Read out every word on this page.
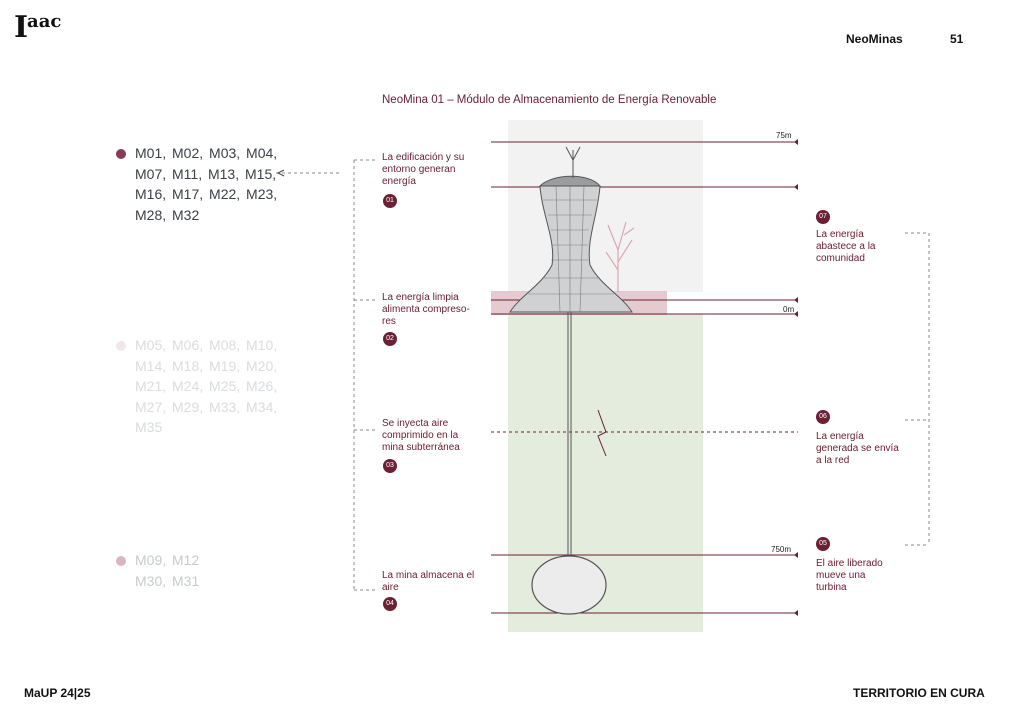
$I^{aac}$
NeoMinas	51
NeoMina 01 – Módulo de Almacenamiento de Energía Renovable
75m
0m
750m
M01, M02, M03, M04, M07, M11, M13, M15, M16, M17, M22, M23, M28, M32
M05, M06, M08, M10, M14, M18, M19, M20, M21, M24, M25, M26, M27, M29, M33, M34, M35
M09, M12 M30, M31
La edificación y su entorno generan energía
01
La energía limpia alimenta compreso-res
02
Se inyecta aire comprimido en la mina subterránea
03
La mina almacena el aire
04
07
La energía abastece a la comunidad
06
La energía generada se envía a la red
05
El aire liberado mueve una turbina
MaUP 24|25	TERRITORIO EN CURA
